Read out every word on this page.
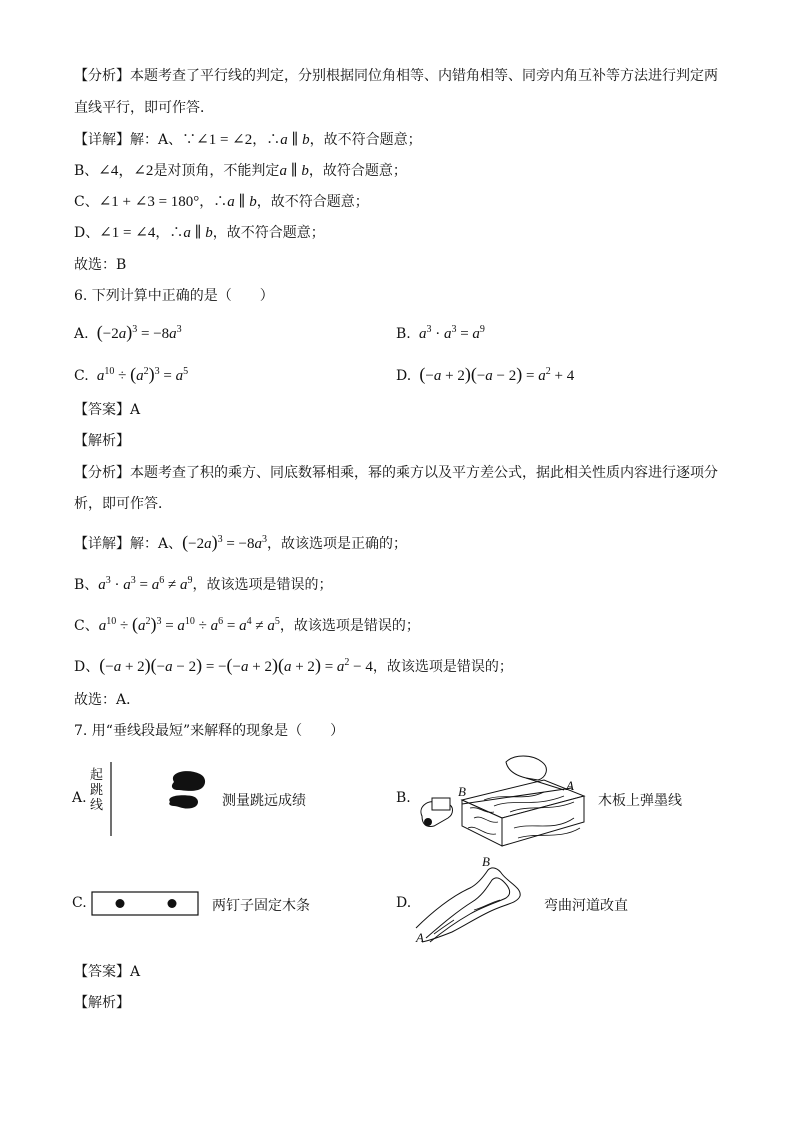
【分析】本题考查了平行线的判定，分别根据同位角相等、内错角相等、同旁内角互补等方法进行判定两
直线平行，即可作答．
【详解】解：A、∵∠1 = ∠2，∴a ∥ b，故不符合题意；
B、∠4，∠2是对顶角，不能判定a ∥ b，故符合题意；
C、∠1 + ∠3 = 180°，∴a ∥ b，故不符合题意；
D、∠1 = ∠4，∴a ∥ b，故不符合题意；
故选：B
6. 下列计算中正确的是（　　）
A. $(-2a)^3 = -8a^3$	B. $a^3 \cdot a^3 = a^9$
C. $a^{10} \div (a^2)^3 = a^5$	D. $(-a + 2)(-a - 2) = a^2 + 4$
【答案】A
【解析】
【分析】本题考查了积的乘方、同底数幂相乘，幂的乘方以及平方差公式，据此相关性质内容进行逐项分
析，即可作答．
【详解】解：A、$(-2a)^3 = -8a^3$，故该选项是正确的；
B、$a^3 \cdot a^3 = a^6 \ne a^9$，故该选项是错误的；
C、$a^{10} \div (a^2)^3 = a^{10} \div a^6 = a^4 \ne a^5$，故该选项是错误的；
D、$(-a + 2)(-a - 2) = -(-a + 2)(a + 2) = a^2 - 4$，故该选项是错误的；
故选：A．
7. 用“垂线段最短”来解释的现象是（　　）
A.
起跳线	测量跳远成绩	B.	B	A
木板上弹墨线
C.	两钉子固定木条	D.
B
A
弯曲河道改直
【答案】A
【解析】
